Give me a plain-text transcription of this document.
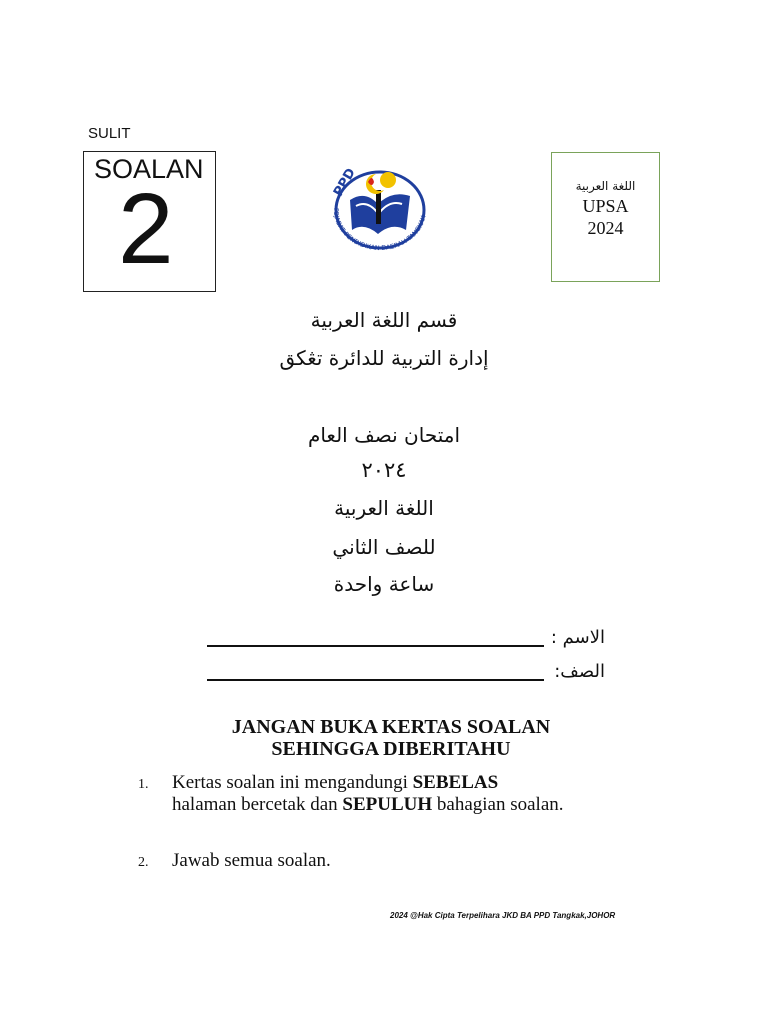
SULIT
SOALAN
2	PPD
PEJABAT PENDIDIKAN DAERAH TANGKAK
اللغة العربية
UPSA
2024
قسم اللغة العربية
إدارة التربية للدائرة تڠكق
امتحان نصف العام
٢٠٢٤
اللغة العربية
للصف الثاني
ساعة واحدة
الاسم :
الصف:
JANGAN BUKA KERTAS SOALAN
SEHINGGA DIBERITAHU
1. Kertas soalan ini mengandungi SEBELAS
halaman bercetak dan SEPULUH bahagian soalan.
2. Jawab semua soalan.
2024 @Hak Cipta Terpelihara JKD BA PPD Tangkak,JOHOR
